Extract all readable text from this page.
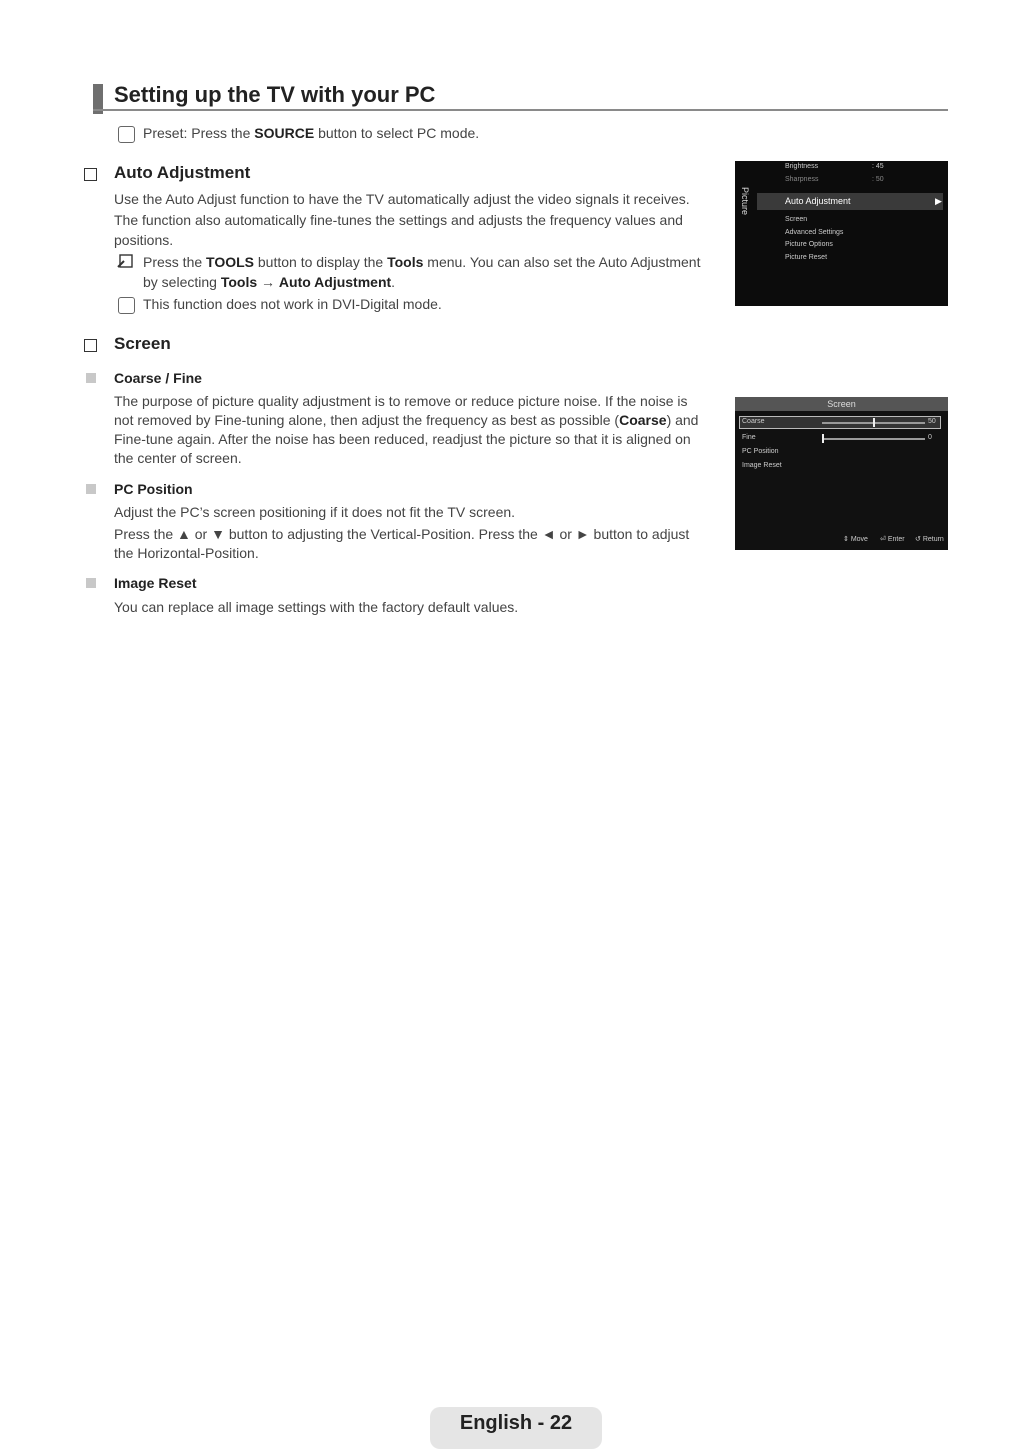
Setting up the TV with your PC
Preset: Press the SOURCE button to select PC mode.
Auto Adjustment
Use the Auto Adjust function to have the TV automatically adjust the video signals it receives.
The function also automatically fine-tunes the settings and adjusts the frequency values and
positions.
Press the TOOLS button to display the Tools menu. You can also set the Auto Adjustment
by selecting Tools → Auto Adjustment.
This function does not work in DVI-Digital mode.
Brightness	: 45
Sharpness	: 50
Picture	Auto Adjustment	▶
Screen
Advanced Settings
Picture Options
Picture Reset
Screen
Coarse / Fine
The purpose of picture quality adjustment is to remove or reduce picture noise. If the noise is
not removed by Fine-tuning alone, then adjust the frequency as best as possible (Coarse) and
Fine-tune again. After the noise has been reduced, readjust the picture so that it is aligned on
the center of screen.
PC Position
Adjust the PC’s screen positioning if it does not fit the TV screen.
Press the ▲ or ▼ button to adjusting the Vertical-Position. Press the ◄ or ► button to adjust
the Horizontal-Position.
Image Reset
You can replace all image settings with the factory default values.
Screen
Coarse	50
Fine	0
PC Position
Image Reset
⇕ Move ⏎ Enter ↺ Return
English - 22
